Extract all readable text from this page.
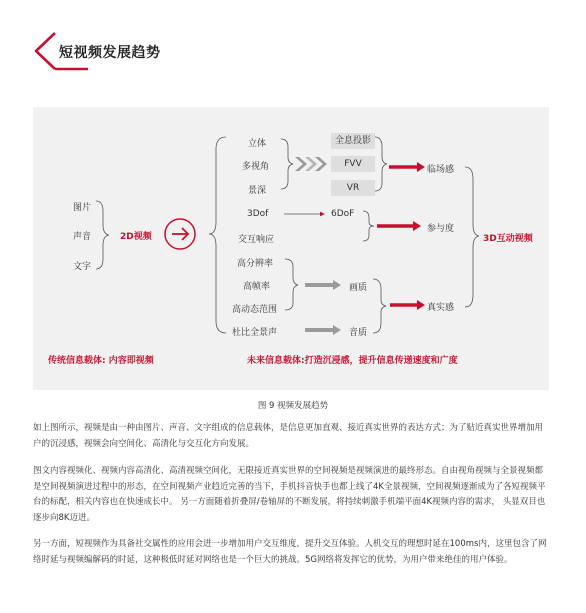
短视频发展趋势
图片
声音
文字
2D视频
立体
多视角
景深
全息投影
FVV
VR
临场感
3Dof	6DoF
交互响应
参与度
高分辨率
高帧率
高动态范围
杜比全景声
画质
音质
真实感
3D互动视频
传统信息载体: 内容即视频	未来信息载体:打造沉浸感，提升信息传递速度和广度
图 9 视频发展趋势

如上图所示，视频是由一种由图片、声音、文字组成的信息载体，是信息更加直观、接近真实世界的表达方式；为了贴近真实世界增加用户的沉浸感，视频会向空间化、高清化与交互化方向发展。

图文内容视频化、视频内容高清化、高清视频空间化，无限接近真实世界的空间视频是视频演进的最终形态。自由视角视频与全景视频都是空间视频演进过程中的形态，在空间视频产业趋近完善的当下，手机抖音快手也都上线了4K全景视频，空间视频逐渐成为了各短视频平台的标配，相关内容也在快速成长中。 另一方面随着折叠屏/卷轴屏的不断发展，将持续刺激手机端平面4K视频内容的需求， 头显双目也逐步向8K迈进。

另一方面，短视频作为具备社交属性的应用会进一步增加用户交互维度，提升交互体验。人机交互的理想时延在100ms内，这里包含了网络时延与视频编解码的时延，这种极低时延对网络也是一个巨大的挑战。5G网络将发挥它的优势，为用户带来绝佳的用户体验。
